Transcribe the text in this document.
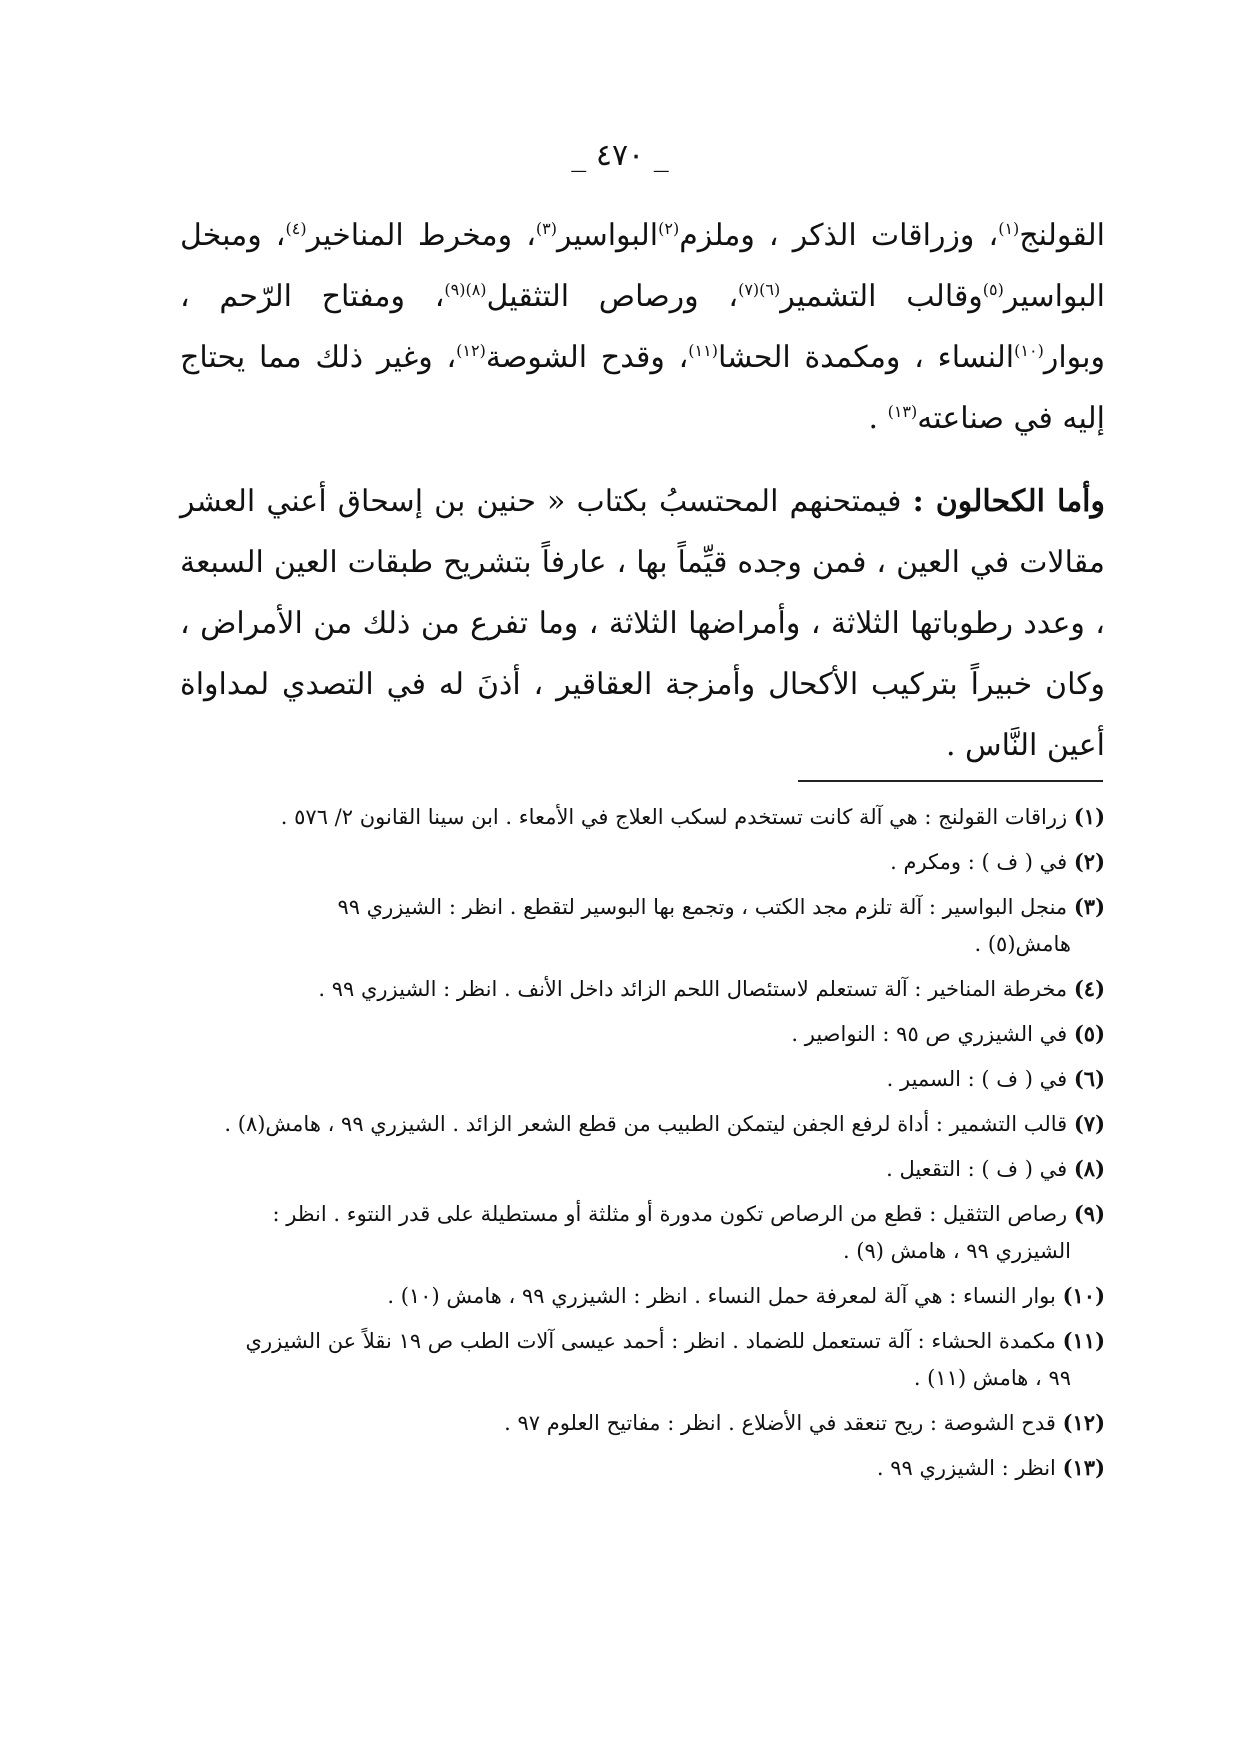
_ ٤٧٠ _

القولنج$^{(١)}$، وزراقات الذكر ، وملزم$^{(٢)}$البواسير$^{(٣)}$، ومخرط المناخير$^{(٤)}$، ومبخل البواسير$^{(٥)}$وقالب التشمير$^{(٦)(٧)}$، ورصاص التثقيل$^{(٨)(٩)}$، ومفتاح الرّحم ، وبوار$^{(١٠)}$النساء ، ومكمدة الحشا$^{(١١)}$، وقدح الشوصة$^{(١٢)}$، وغير ذلك مما يحتاج إليه في صناعته$^{(١٣)}$ .

وأما الكحالون : فيمتحنهم المحتسبُ بكتاب « حنين بن إسحاق أعني العشر مقالات في العين ، فمن وجده قيِّماً بها ، عارفاً بتشريح طبقات العين السبعة ، وعدد رطوباتها الثلاثة ، وأمراضها الثلاثة ، وما تفرع من ذلك من الأمراض ، وكان خبيراً بتركيب الأكحال وأمزجة العقاقير ، أذنَ له في التصدي لمداواة أعين النَّاس .

(١) زراقات القولنج : هي آلة كانت تستخدم لسكب العلاج في الأمعاء . ابن سينا القانون ٢/ ٥٧٦ .
(٢) في ( ف ) : ومكرم .
(٣) منجل البواسير : آلة تلزم مجد الكتب ، وتجمع بها البوسير لتقطع . انظر : الشيزري ٩٩
هامش(٥) .
(٤) مخرطة المناخير : آلة تستعلم لاستئصال اللحم الزائد داخل الأنف . انظر : الشيزري ٩٩ .
(٥) في الشيزري ص ٩٥ : النواصير .
(٦) في ( ف ) : السمير .
(٧) قالب التشمير : أداة لرفع الجفن ليتمكن الطبيب من قطع الشعر الزائد . الشيزري ٩٩ ، هامش(٨) .
(٨) في ( ف ) : التقعيل .
(٩) رصاص التثقيل : قطع من الرصاص تكون مدورة أو مثلثة أو مستطيلة على قدر النتوء . انظر :
الشيزري ٩٩ ، هامش (٩) .
(١٠) بوار النساء : هي آلة لمعرفة حمل النساء . انظر : الشيزري ٩٩ ، هامش (١٠) .
(١١) مكمدة الحشاء : آلة تستعمل للضماد . انظر : أحمد عيسى آلات الطب ص ١٩ نقلاً عن الشيزري
٩٩ ، هامش (١١) .
(١٢) قدح الشوصة : ريح تنعقد في الأضلاع . انظر : مفاتيح العلوم ٩٧ .
(١٣) انظر : الشيزري ٩٩ .
